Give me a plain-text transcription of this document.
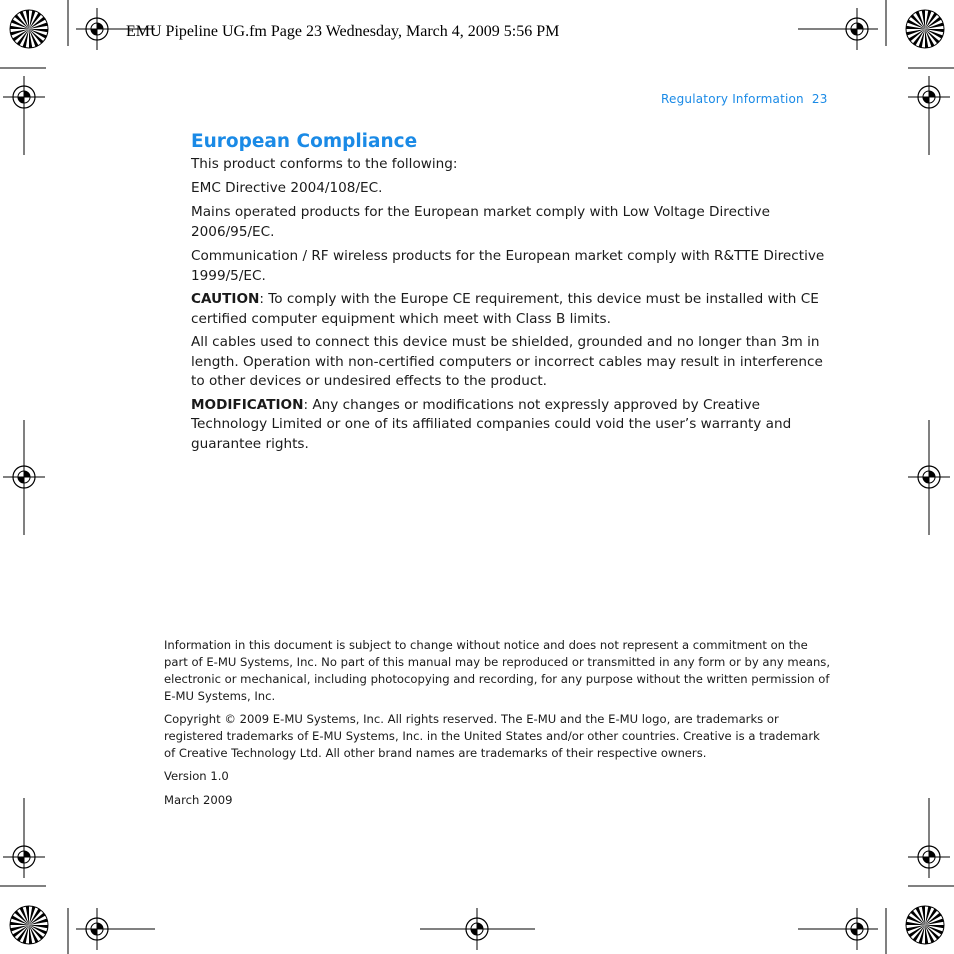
EMU Pipeline UG.fm Page 23 Wednesday, March 4, 2009 5:56 PM
Regulatory Information 23
European Compliance

This product conforms to the following:

EMC Directive 2004/108/EC.

Mains operated products for the European market comply with Low Voltage Directive 2006/95/EC.

Communication / RF wireless products for the European market comply with R&TTE Directive 1999/5/EC.

CAUTION: To comply with the Europe CE requirement, this device must be installed with CE certified computer equipment which meet with Class B limits.

All cables used to connect this device must be shielded, grounded and no longer than 3m in length. Operation with non-certified computers or incorrect cables may result in interference to other devices or undesired effects to the product.

MODIFICATION: Any changes or modifications not expressly approved by Creative Technology Limited or one of its affiliated companies could void the user’s warranty and guarantee rights.

Information in this document is subject to change without notice and does not represent a commitment on the part of E-MU Systems, Inc. No part of this manual may be reproduced or transmitted in any form or by any means, electronic or mechanical, including photocopying and recording, for any purpose without the written permission of E-MU Systems, Inc.

Copyright © 2009 E-MU Systems, Inc. All rights reserved. The E-MU and the E-MU logo, are trademarks or registered trademarks of E-MU Systems, Inc. in the United States and/or other countries. Creative is a trademark of Creative Technology Ltd. All other brand names are trademarks of their respective owners.

Version 1.0

March 2009
